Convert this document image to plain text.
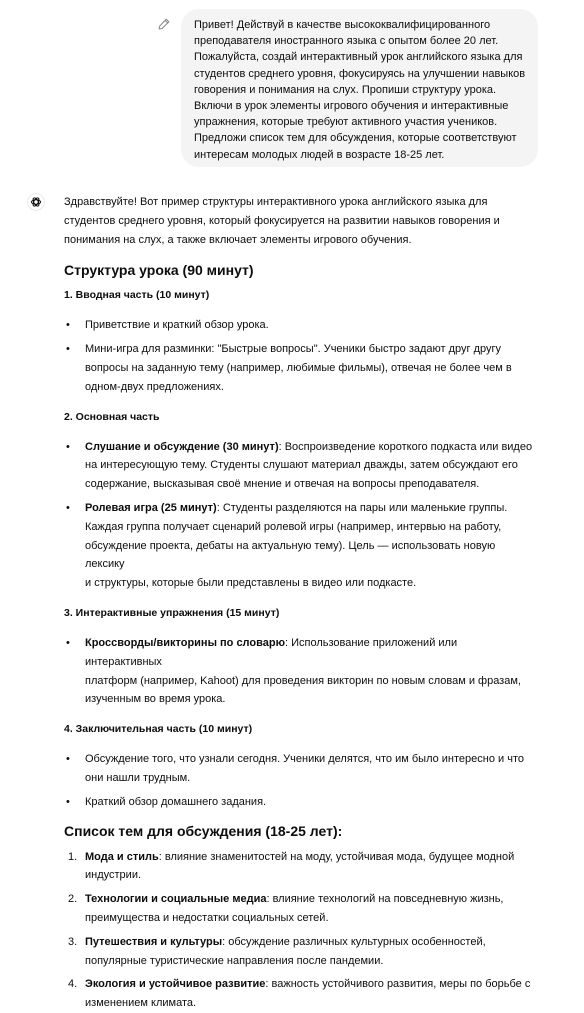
Привет! Действуй в качестве высококвалифицированного
преподавателя иностранного языка с опытом более 20 лет.
Пожалуйста, создай интерактивный урок английского языка для
студентов среднего уровня, фокусируясь на улучшении навыков
говорения и понимания на слух. Пропиши структуру урока.
Включи в урок элементы игрового обучения и интерактивные
упражнения, которые требуют активного участия учеников.
Предложи список тем для обсуждения, которые соответствуют
интересам молодых людей в возрасте 18-25 лет.

Здравствуйте! Вот пример структуры интерактивного урока английского языка для
студентов среднего уровня, который фокусируется на развитии навыков говорения и
понимания на слух, а также включает элементы игрового обучения.

Структура урока (90 минут)
1. Вводная часть (10 минут)
• Приветствие и краткий обзор урока.
• Мини-игра для разминки: "Быстрые вопросы". Ученики быстро задают друг другу
вопросы на заданную тему (например, любимые фильмы), отвечая не более чем в
одном-двух предложениях.
2. Основная часть
• Слушание и обсуждение (30 минут): Воспроизведение короткого подкаста или видео
на интересующую тему. Студенты слушают материал дважды, затем обсуждают его
содержание, высказывая своё мнение и отвечая на вопросы преподавателя.
• Ролевая игра (25 минут): Студенты разделяются на пары или маленькие группы.
Каждая группа получает сценарий ролевой игры (например, интервью на работу,
обсуждение проекта, дебаты на актуальную тему). Цель — использовать новую лексику
и структуры, которые были представлены в видео или подкасте.
3. Интерактивные упражнения (15 минут)
• Кроссворды/викторины по словарю: Использование приложений или интерактивных
платформ (например, Kahoot) для проведения викторин по новым словам и фразам,
изученным во время урока.
4. Заключительная часть (10 минут)
• Обсуждение того, что узнали сегодня. Ученики делятся, что им было интересно и что
они нашли трудным.
• Краткий обзор домашнего задания.
Список тем для обсуждения (18-25 лет):
1. Мода и стиль: влияние знаменитостей на моду, устойчивая мода, будущее модной
индустрии.
2. Технологии и социальные медиа: влияние технологий на повседневную жизнь,
преимущества и недостатки социальных сетей.
3. Путешествия и культуры: обсуждение различных культурных особенностей,
популярные туристические направления после пандемии.
4. Экология и устойчивое развитие: важность устойчивого развития, меры по борьбе с
изменением климата.
